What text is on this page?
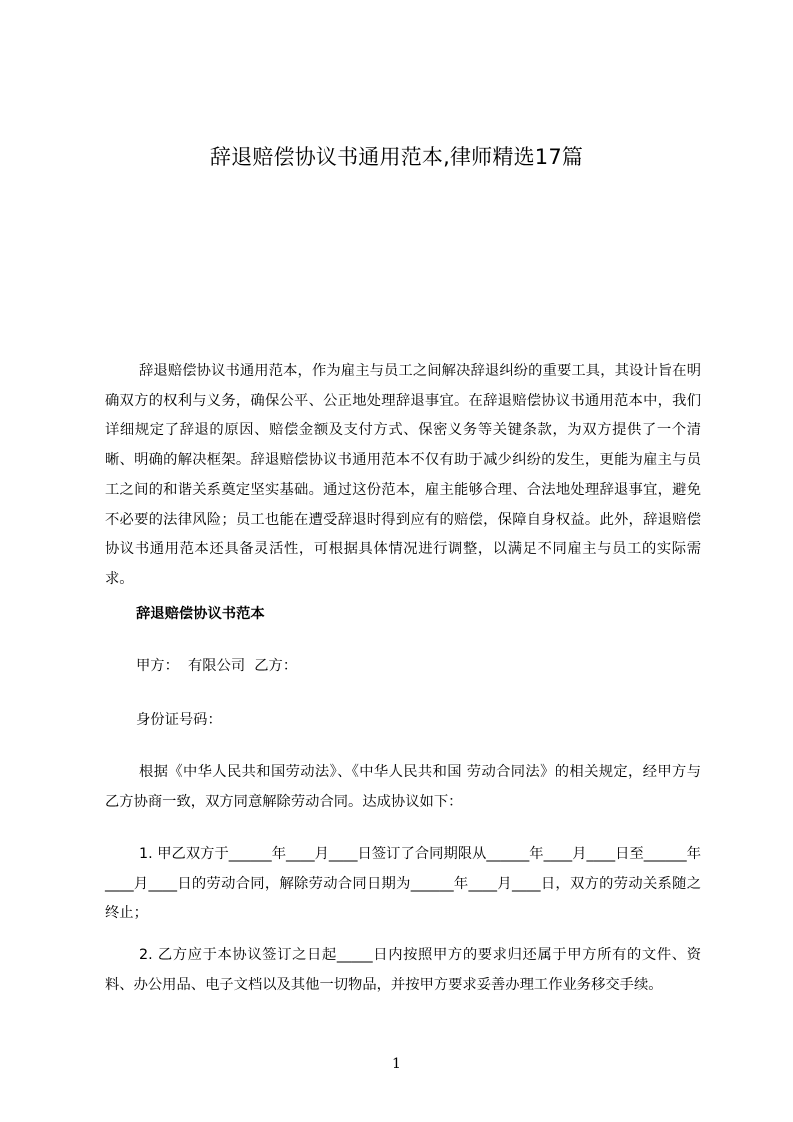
辞退赔偿协议书通用范本,律师精选17篇

辞退赔偿协议书通用范本，作为雇主与员工之间解决辞退纠纷的重要工具，其设计旨在明确双方的权利与义务，确保公平、公正地处理辞退事宜。在辞退赔偿协议书通用范本中，我们详细规定了辞退的原因、赔偿金额及支付方式、保密义务等关键条款，为双方提供了一个清晰、明确的解决框架。辞退赔偿协议书通用范本不仅有助于减少纠纷的发生，更能为雇主与员工之间的和谐关系奠定坚实基础。通过这份范本，雇主能够合理、合法地处理辞退事宜，避免不必要的法律风险；员工也能在遭受辞退时得到应有的赔偿，保障自身权益。此外，辞退赔偿协议书通用范本还具备灵活性，可根据具体情况进行调整，以满足不同雇主与员工的实际需求。

辞退赔偿协议书范本
甲方：  有限公司  乙方：
身份证号码：

根据《中华人民共和国劳动法》、《中华人民共和国 劳动合同法》的相关规定，经甲方与乙方协商一致，双方同意解除劳动合同。达成协议如下：

1. 甲乙双方于______年____月____日签订了合同期限从______年____月____日至______年____月____日的劳动合同，解除劳动合同日期为______年____月____日，双方的劳动关系随之终止；

2. 乙方应于本协议签订之日起_____日内按照甲方的要求归还属于甲方所有的文件、资料、办公用品、电子文档以及其他一切物品，并按甲方要求妥善办理工作业务移交手续。

1
